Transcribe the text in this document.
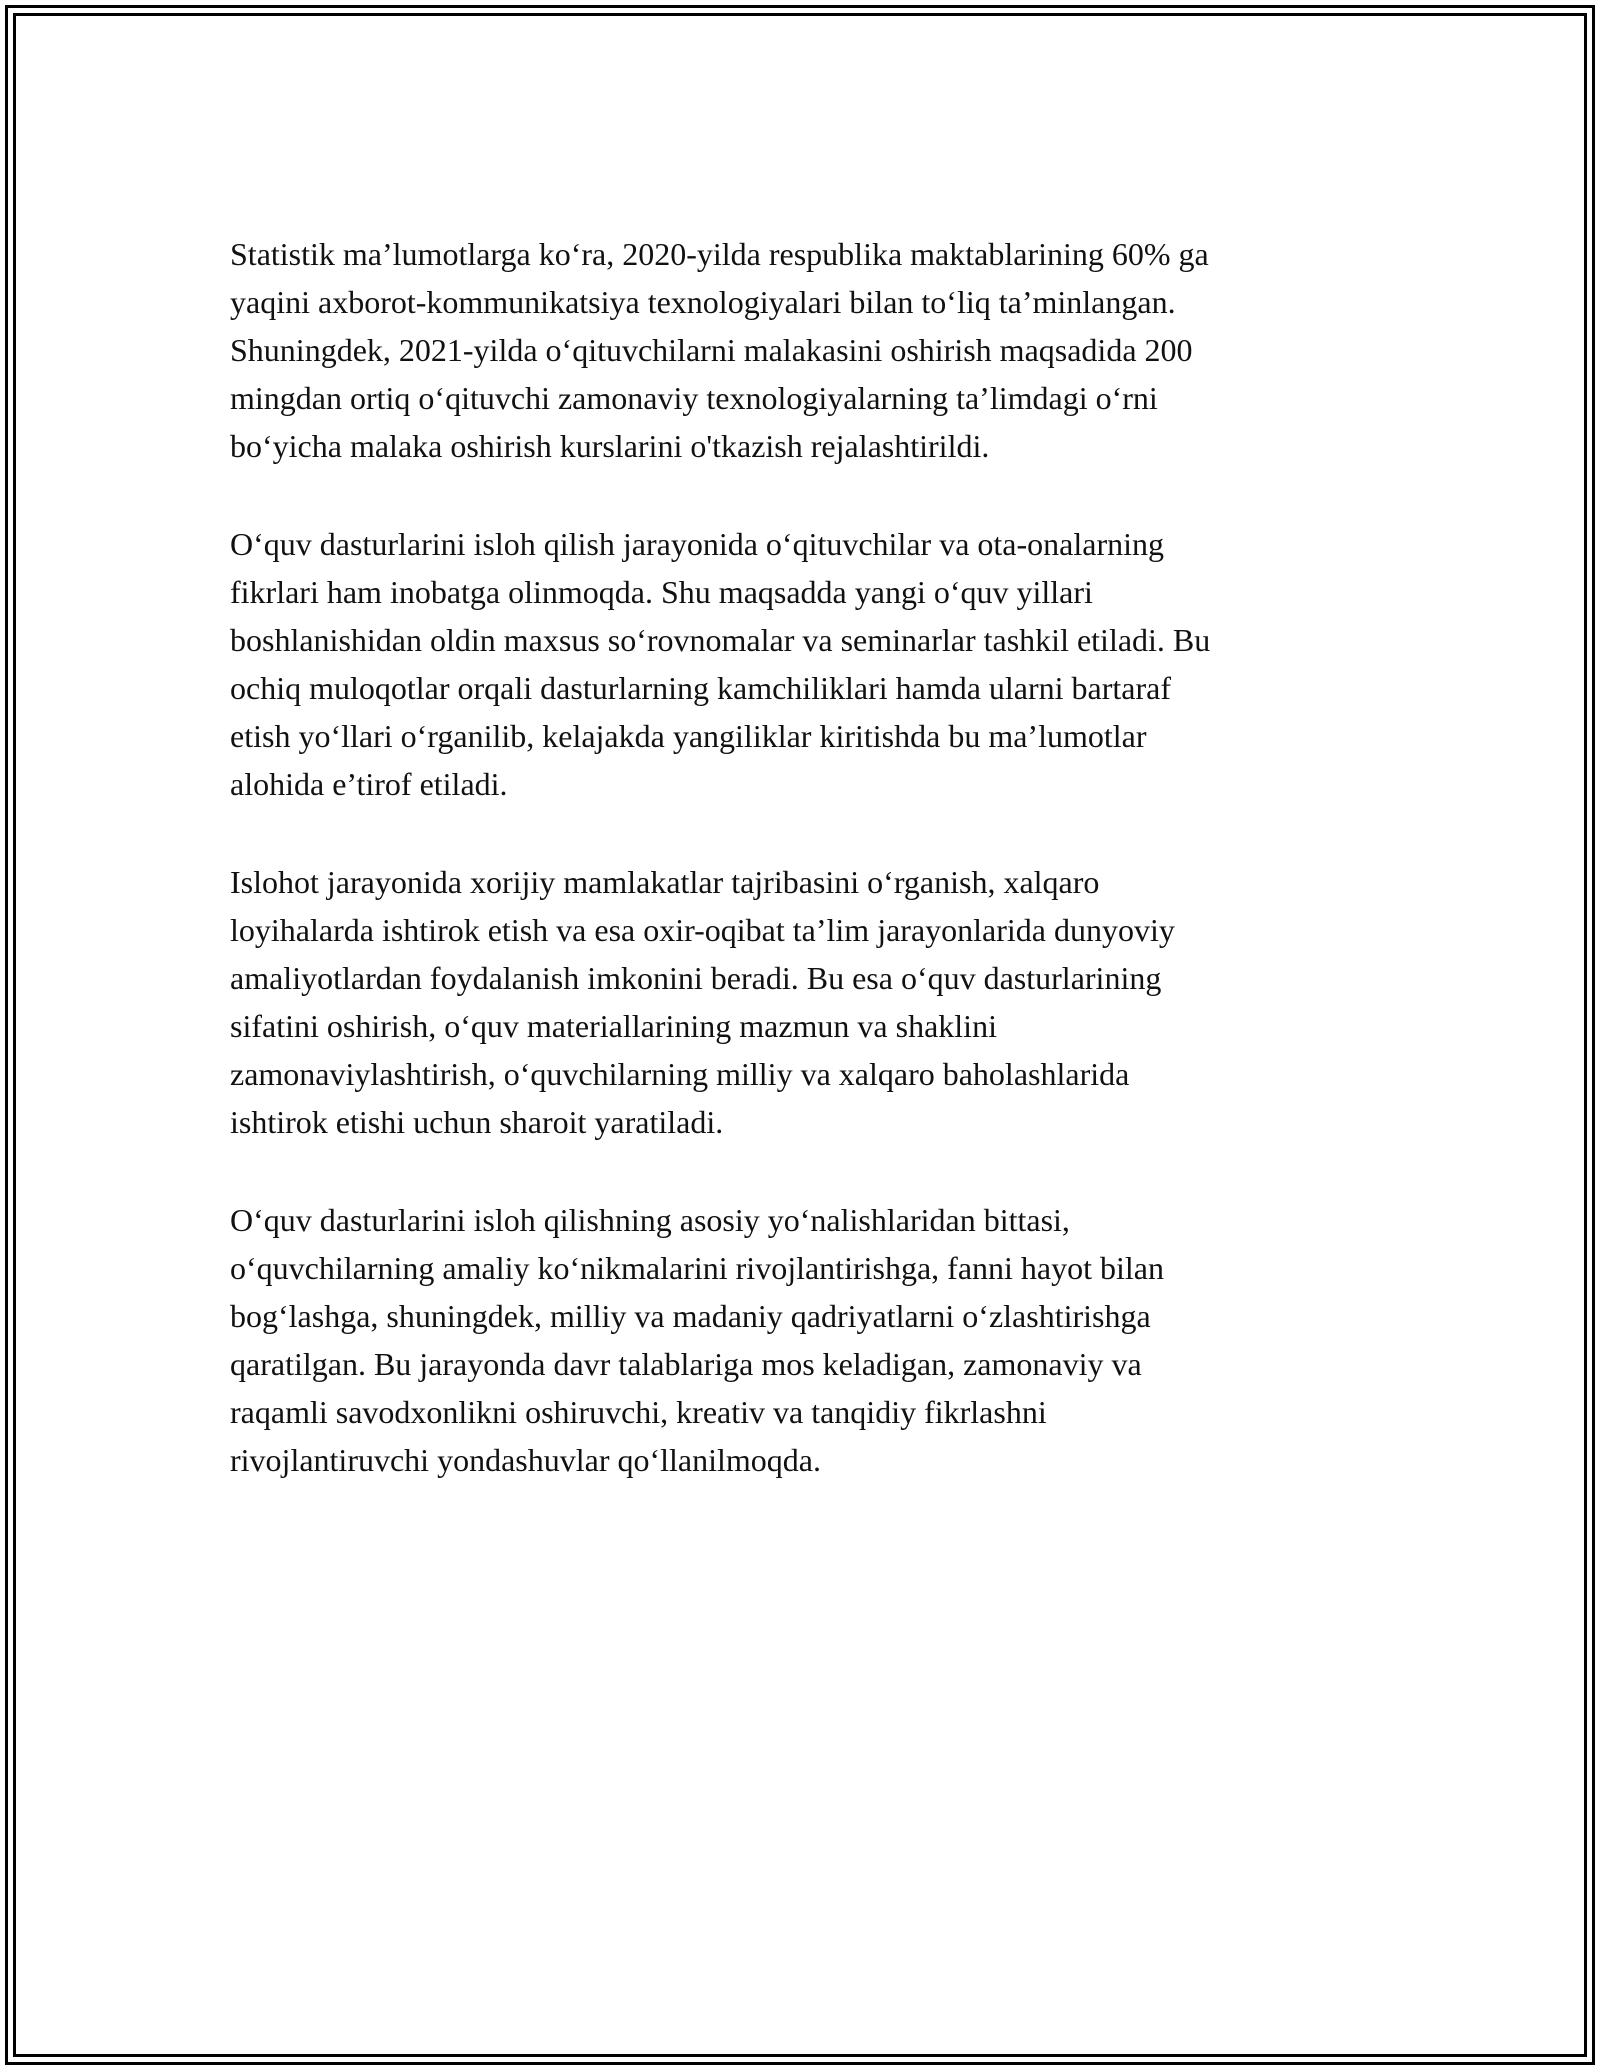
Statistik ma’lumotlarga ko‘ra, 2020-yilda respublika maktablarining 60% ga
yaqini axborot-kommunikatsiya texnologiyalari bilan to‘liq ta’minlangan.
Shuningdek, 2021-yilda o‘qituvchilarni malakasini oshirish maqsadida 200
mingdan ortiq o‘qituvchi zamonaviy texnologiyalarning ta’limdagi o‘rni
bo‘yicha malaka oshirish kurslarini o'tkazish rejalashtirildi.

O‘quv dasturlarini isloh qilish jarayonida o‘qituvchilar va ota-onalarning
fikrlari ham inobatga olinmoqda. Shu maqsadda yangi o‘quv yillari
boshlanishidan oldin maxsus so‘rovnomalar va seminarlar tashkil etiladi. Bu
ochiq muloqotlar orqali dasturlarning kamchiliklari hamda ularni bartaraf
etish yo‘llari o‘rganilib, kelajakda yangiliklar kiritishda bu ma’lumotlar
alohida e’tirof etiladi.

Islohot jarayonida xorijiy mamlakatlar tajribasini o‘rganish, xalqaro
loyihalarda ishtirok etish va esa oxir-oqibat ta’lim jarayonlarida dunyoviy
amaliyotlardan foydalanish imkonini beradi. Bu esa o‘quv dasturlarining
sifatini oshirish, o‘quv materiallarining mazmun va shaklini
zamonaviylashtirish, o‘quvchilarning milliy va xalqaro baholashlarida
ishtirok etishi uchun sharoit yaratiladi.

O‘quv dasturlarini isloh qilishning asosiy yo‘nalishlaridan bittasi,
o‘quvchilarning amaliy ko‘nikmalarini rivojlantirishga, fanni hayot bilan
bog‘lashga, shuningdek, milliy va madaniy qadriyatlarni o‘zlashtirishga
qaratilgan. Bu jarayonda davr talablariga mos keladigan, zamonaviy va
raqamli savodxonlikni oshiruvchi, kreativ va tanqidiy fikrlashni
rivojlantiruvchi yondashuvlar qo‘llanilmoqda.
